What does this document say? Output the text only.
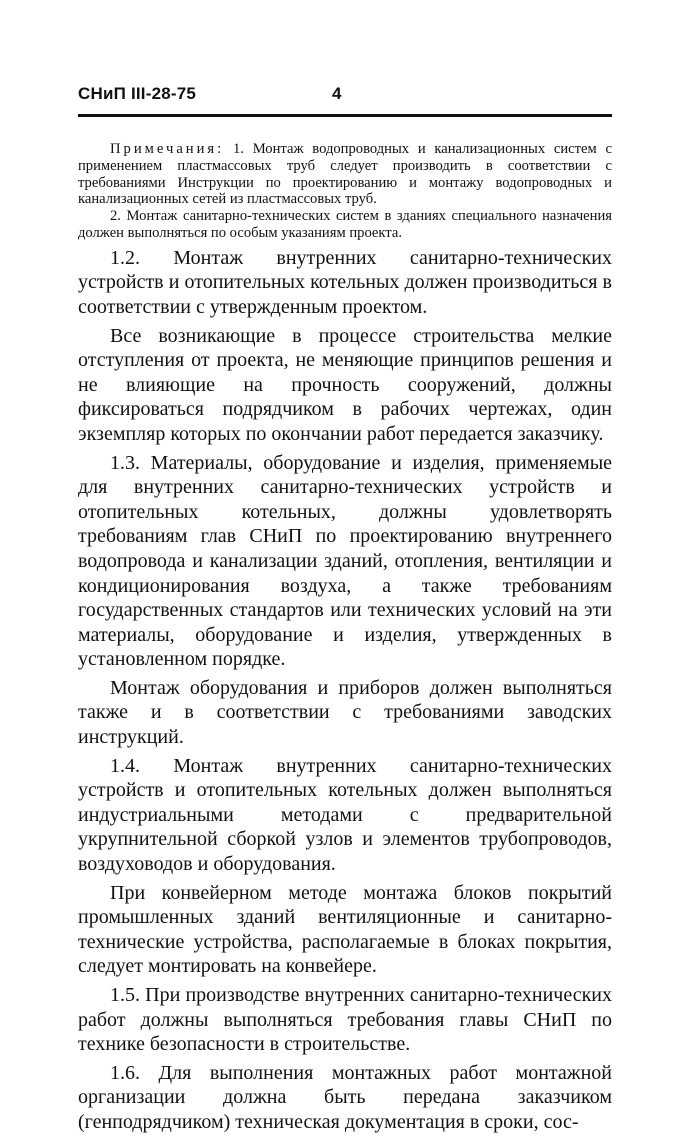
СНиП III-28-75	4

Примечания: 1. Монтаж водопроводных и канализационных систем с применением пластмассовых труб следует производить в соответствии с требованиями Инструкции по проектированию и монтажу водопроводных и канализационных сетей из пластмассовых труб.

2. Монтаж санитарно-технических систем в зданиях специального назначения должен выполняться по особым указаниям проекта.

1.2. Монтаж внутренних санитарно-технических устройств и отопительных котельных должен производиться в соответствии с утвержденным проектом.

Все возникающие в процессе строительства мелкие отступления от проекта, не меняющие принципов решения и не влияющие на прочность сооружений, должны фиксироваться подрядчиком в рабочих чертежах, один экземпляр которых по окончании работ передается заказчику.

1.3. Материалы, оборудование и изделия, применяемые для внутренних санитарно-технических устройств и отопительных котельных, должны удовлетворять требованиям глав СНиП по проектированию внутреннего водопровода и канализации зданий, отопления, вентиляции и кондиционирования воздуха, а также требованиям государственных стандартов или технических условий на эти материалы, оборудование и изделия, утвержденных в установленном порядке.

Монтаж оборудования и приборов должен выполняться также и в соответствии с требованиями заводских инструкций.

1.4. Монтаж внутренних санитарно-технических устройств и отопительных котельных должен выполняться индустриальными методами с предварительной укрупнительной сборкой узлов и элементов трубопроводов, воздуховодов и оборудования.

При конвейерном методе монтажа блоков покрытий промышленных зданий вентиляционные и санитарно-технические устройства, располагаемые в блоках покрытия, следует монтировать на конвейере.

1.5. При производстве внутренних санитарно-технических работ должны выполняться требования главы СНиП по технике безопасности в строительстве.

1.6. Для выполнения монтажных работ монтажной организации должна быть передана заказчиком (генподрядчиком) техническая документация в сроки, сос-
